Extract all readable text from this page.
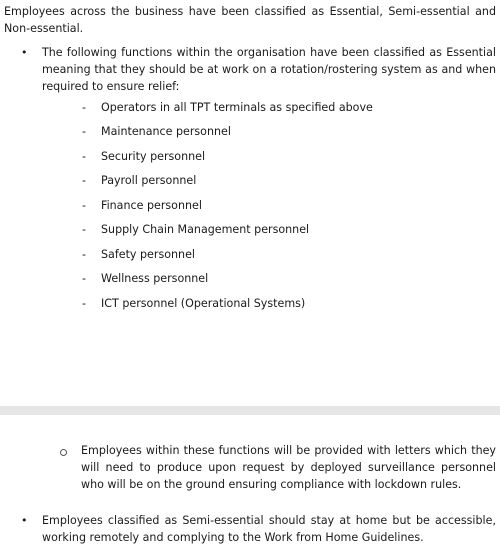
Employees across the business have been classified as Essential, Semi-essential and Non-essential.

• The following functions within the organisation have been classified as Essential meaning that they should be at work on a rotation/rostering system as and when required to ensure relief:

- Operators in all TPT terminals as specified above
- Maintenance personnel
- Security personnel
- Payroll personnel
- Finance personnel
- Supply Chain Management personnel
- Safety personnel
- Wellness personnel
- ICT personnel (Operational Systems)

Employees within these functions will be provided with letters which they will need to produce upon request by deployed surveillance personnel who will be on the ground ensuring compliance with lockdown rules.

• Employees classified as Semi-essential should stay at home but be accessible, working remotely and complying to the Work from Home Guidelines.
